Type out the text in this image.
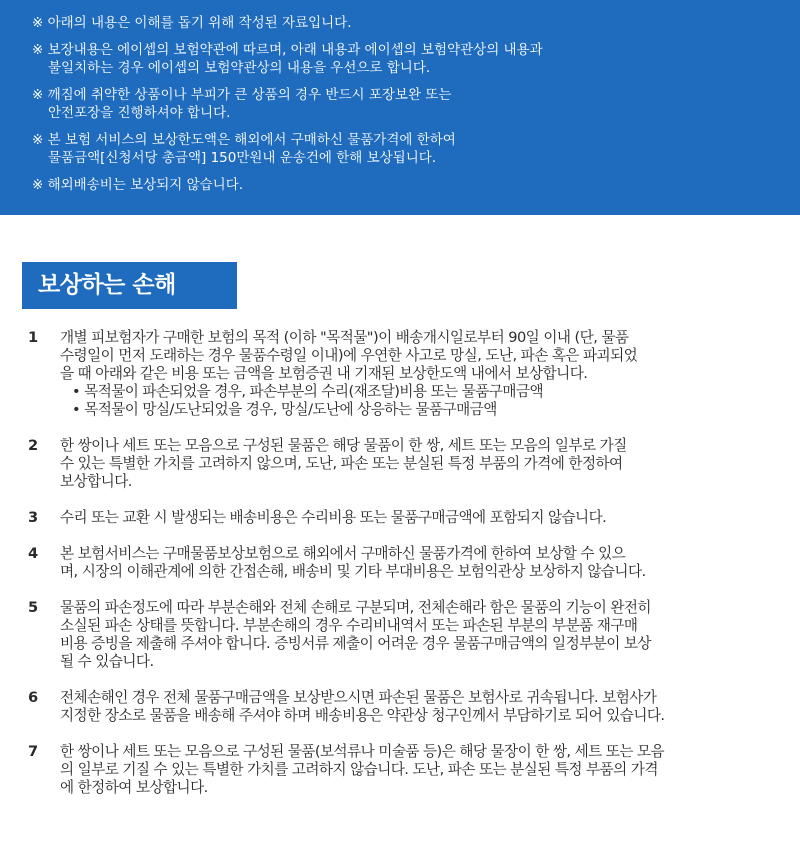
※ 아래의 내용은 이해를 돕기 위해 작성된 자료입니다.
※ 보장내용은 에이셉의 보험약관에 따르며, 아래 내용과 에이셉의 보험약관상의 내용과
불일치하는 경우 에이셉의 보험약관상의 내용을 우선으로 합니다.
※ 깨짐에 취약한 상품이나 부피가 큰 상품의 경우 반드시 포장보완 또는
안전포장을 진행하셔야 합니다.
※ 본 보험 서비스의 보상한도액은 해외에서 구매하신 물품가격에 한하여
물품금액[신청서당 총금액] 150만원내 운송건에 한해 보상됩니다.
※ 해외배송비는 보상되지 않습니다.
보상하는 손해
1	개별 피보험자가 구매한 보험의 목적 (이하 "목적물")이 배송개시일로부터 90일 이내 (단, 물품
수령일이 먼저 도래하는 경우 물품수령일 이내)에 우연한 사고로 망실, 도난, 파손 혹은 파괴되었
을 때 아래와 같은 비용 또는 금액을 보험증권 내 기재된 보상한도액 내에서 보상합니다.
• 목적물이 파손되었을 경우, 파손부분의 수리(재조달)비용 또는 물품구매금액
• 목적물이 망실/도난되었을 경우, 망실/도난에 상응하는 물품구매금액
2	한 쌍이나 세트 또는 모음으로 구성된 물품은 해당 물품이 한 쌍, 세트 또는 모음의 일부로 가질
수 있는 특별한 가치를 고려하지 않으며, 도난, 파손 또는 분실된 특정 부품의 가격에 한정하여
보상합니다.
3	수리 또는 교환 시 발생되는 배송비용은 수리비용 또는 물품구매금액에 포함되지 않습니다.
4	본 보험서비스는 구매물품보상보험으로 해외에서 구매하신 물품가격에 한하여 보상할 수 있으
며, 시장의 이해관계에 의한 간접손해, 배송비 및 기타 부대비용은 보험익관상 보상하지 않습니다.
5	물품의 파손정도에 따라 부분손해와 전체 손해로 구분되며, 전체손해라 함은 물품의 기능이 완전히
소실된 파손 상태를 뜻합니다. 부분손해의 경우 수리비내역서 또는 파손된 부분의 부분품 재구매
비용 증빙을 제출해 주셔야 합니다. 증빙서류 제출이 어려운 경우 물품구매금액의 일정부분이 보상
될 수 있습니다.
6	전체손해인 경우 전체 물품구매금액을 보상받으시면 파손된 물품은 보험사로 귀속됩니다. 보험사가
지정한 장소로 물품을 배송해 주셔야 하며 배송비용은 약관상 청구인께서 부담하기로 되어 있습니다.
7	한 쌍이나 세트 또는 모음으로 구성된 물품(보석류나 미술품 등)은 해당 물장이 한 쌍, 세트 또는 모음
의 일부로 기질 수 있는 특별한 가치를 고려하지 않습니다. 도난, 파손 또는 분실된 특정 부품의 가격
에 한정하여 보상합니다.
